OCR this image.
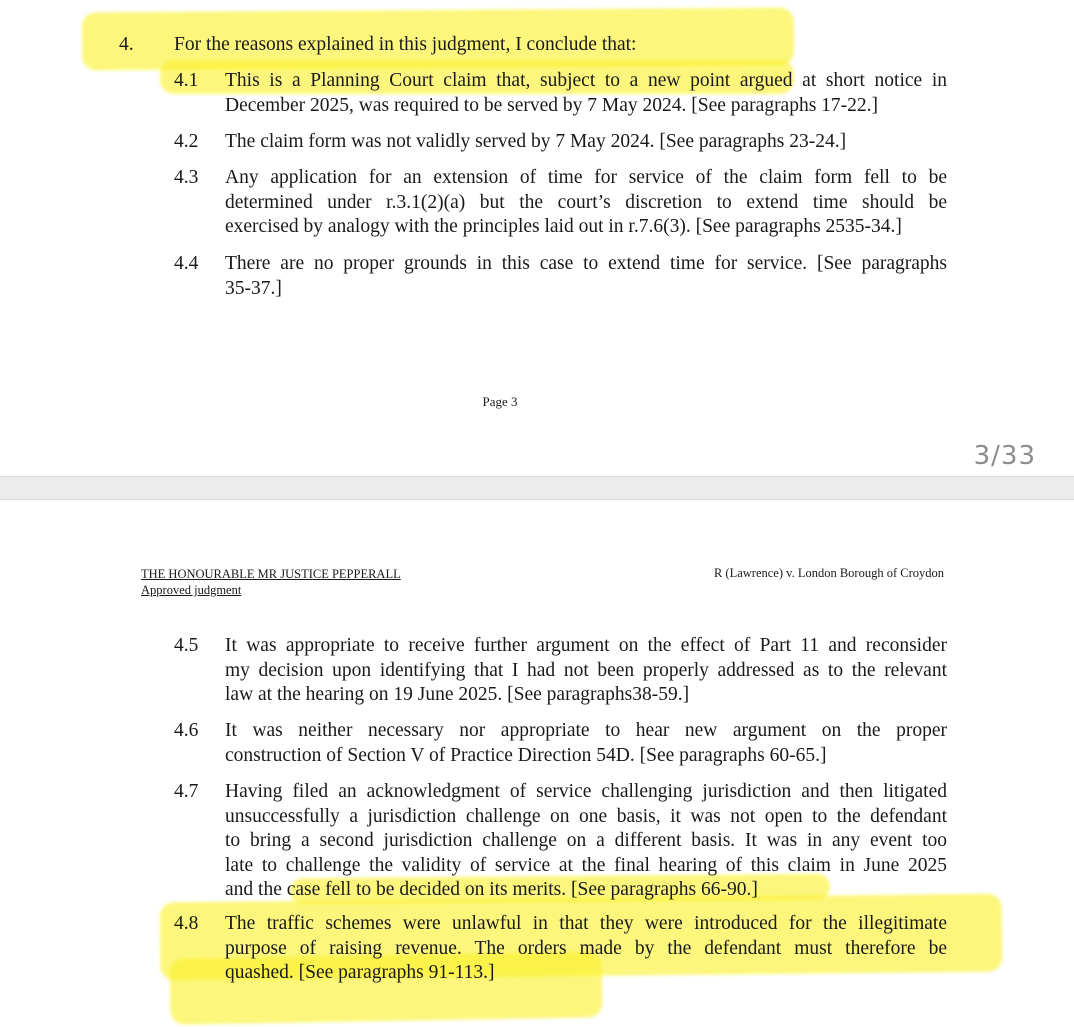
4. For the reasons explained in this judgment, I conclude that:
4.1 This is a Planning Court claim that, subject to a new point argued at short notice in
December 2025, was required to be served by 7 May 2024. [See paragraphs 17-22.]
4.2 The claim form was not validly served by 7 May 2024. [See paragraphs 23-24.]
4.3 Any application for an extension of time for service of the claim form fell to be
determined under r.3.1(2)(a) but the court’s discretion to extend time should be
exercised by analogy with the principles laid out in r.7.6(3). [See paragraphs 2535-34.]
4.4 There are no proper grounds in this case to extend time for service. [See paragraphs
35-37.]
Page 3
3/33
THE HONOURABLE MR JUSTICE PEPPERALL
Approved judgment
R (Lawrence) v. London Borough of Croydon
4.5 It was appropriate to receive further argument on the effect of Part 11 and reconsider
my decision upon identifying that I had not been properly addressed as to the relevant
law at the hearing on 19 June 2025. [See paragraphs38-59.]
4.6 It was neither necessary nor appropriate to hear new argument on the proper
construction of Section V of Practice Direction 54D. [See paragraphs 60-65.]
4.7 Having filed an acknowledgment of service challenging jurisdiction and then litigated
unsuccessfully a jurisdiction challenge on one basis, it was not open to the defendant
to bring a second jurisdiction challenge on a different basis. It was in any event too
late to challenge the validity of service at the final hearing of this claim in June 2025
and the case fell to be decided on its merits. [See paragraphs 66-90.]
4.8 The traffic schemes were unlawful in that they were introduced for the illegitimate
purpose of raising revenue. The orders made by the defendant must therefore be
quashed. [See paragraphs 91-113.]
